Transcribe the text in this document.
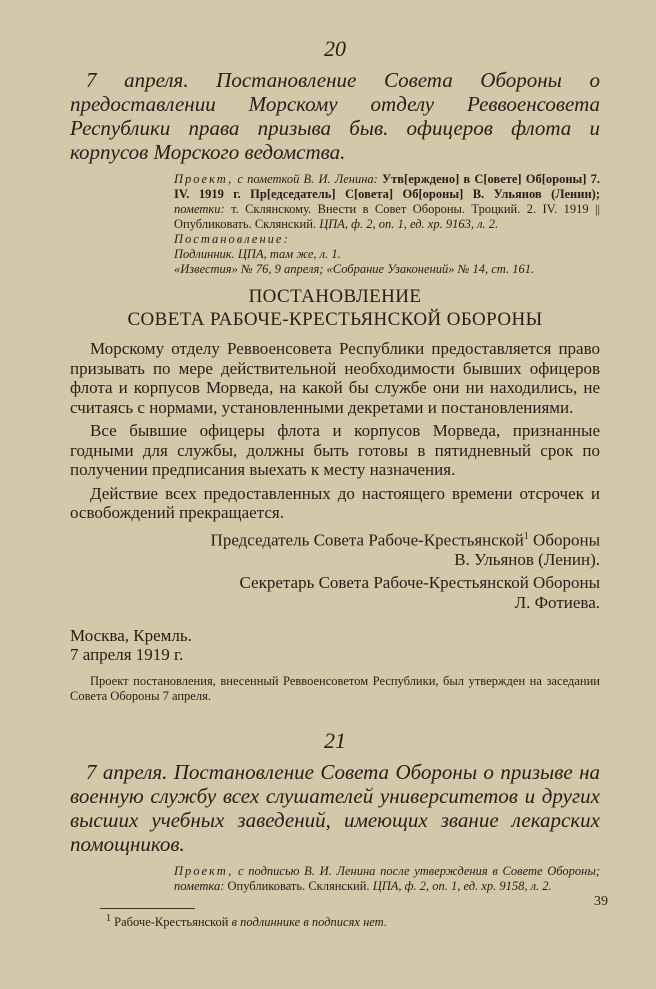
20

7 апреля. Постановление Совета Обороны о предоставлении Морскому отделу Реввоенсовета Республики права призыва быв. офицеров флота и корпусов Морского ведомства.

Проект, с пометкой В. И. Ленина: Утв[ерждено] в С[овете] Об[ороны] 7. IV. 1919 г. Пр[едседатель] С[овета] Об[ороны] В. Ульянов (Ленин); пометки: т. Склянскому. Внести в Совет Обороны. Троцкий. 2. IV. 1919 || Опубликовать. Склянский. ЦПА, ф. 2, оп. 1, ед. хр. 9163, л. 2.

Постановление:

Подлинник. ЦПА, там же, л. 1.

«Известия» № 76, 9 апреля; «Собрание Узаконений» № 14, ст. 161.

ПОСТАНОВЛЕНИЕ
СОВЕТА РАБОЧЕ-КРЕСТЬЯНСКОЙ ОБОРОНЫ

Морскому отделу Реввоенсовета Республики предоставляется право призывать по мере действительной необходимости бывших офицеров флота и корпусов Морведа, на какой бы службе они ни находились, не считаясь с нормами, установленными декретами и постановлениями.

Все бывшие офицеры флота и корпусов Морведа, признанные годными для службы, должны быть готовы в пятидневный срок по получении предписания выехать к месту назначения.

Действие всех предоставленных до настоящего времени отсрочек и освобождений прекращается.

Председатель Совета Рабоче-Крестьянской$^1$ Обороны
В. Ульянов (Ленин).
Секретарь Совета Рабоче-Крестьянской Обороны
Л. Фотиева.
Москва, Кремль.
7 апреля 1919 г.

Проект постановления, внесенный Реввоенсоветом Республики, был утвержден на заседании Совета Обороны 7 апреля.

21

7 апреля. Постановление Совета Обороны о призыве на военную службу всех слушателей университетов и других высших учебных заведений, имеющих звание лекарских помощников.

Проект, с подписью В. И. Ленина после утверждения в Совете Обороны; пометка: Опубликовать. Склянский. ЦПА, ф. 2, оп. 1, ед. хр. 9158, л. 2.

$^1$ Рабоче-Крестьянской в подлиннике в подписях нет.
39
